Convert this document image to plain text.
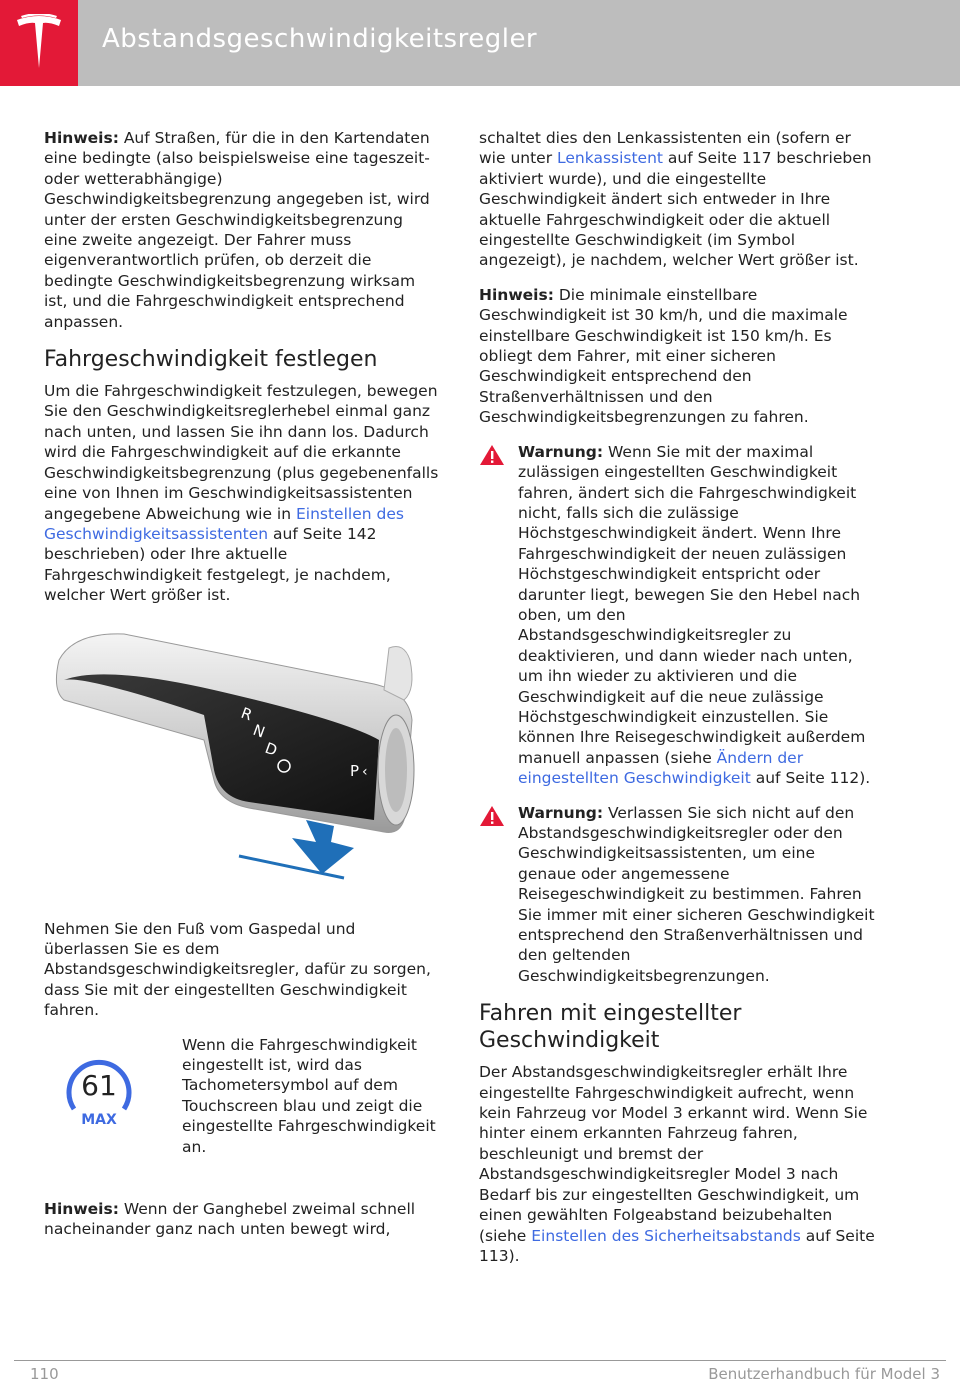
Abstandsgeschwindigkeitsregler

Hinweis: Auf Straßen, für die in den Kartendaten eine bedingte (also beispielsweise eine tageszeit- oder wetterabhängige) Geschwindigkeitsbegrenzung angegeben ist, wird unter der ersten Geschwindigkeitsbegrenzung eine zweite angezeigt. Der Fahrer muss eigenverantwortlich prüfen, ob derzeit die bedingte Geschwindigkeitsbegrenzung wirksam ist, und die Fahrgeschwindigkeit entsprechend anpassen.

Fahrgeschwindigkeit festlegen

Um die Fahrgeschwindigkeit festzulegen, bewegen Sie den Geschwindigkeitsreglerhebel einmal ganz nach unten, und lassen Sie ihn dann los. Dadurch wird die Fahrgeschwindigkeit auf die erkannte Geschwindigkeitsbegrenzung (plus gegebenenfalls eine von Ihnen im Geschwindigkeitsassistenten angegebene Abweichung wie in Einstellen des Geschwindigkeitsassistenten auf Seite 142 beschrieben) oder Ihre aktuelle Fahrgeschwindigkeit festgelegt, je nachdem, welcher Wert größer ist.

R
N
D
P ‹

Nehmen Sie den Fuß vom Gaspedal und überlassen Sie es dem Abstandsgeschwindigkeitsregler, dafür zu sorgen, dass Sie mit der eingestellten Geschwindigkeit fahren.

61
MAX
Wenn die Fahrgeschwindigkeit eingestellt ist, wird das Tachometersymbol auf dem Touchscreen blau und zeigt die eingestellte Fahrgeschwindigkeit an.

Hinweis: Wenn der Ganghebel zweimal schnell nacheinander ganz nach unten bewegt wird,

schaltet dies den Lenkassistenten ein (sofern er wie unter Lenkassistent auf Seite 117 beschrieben aktiviert wurde), und die eingestellte Geschwindigkeit ändert sich entweder in Ihre aktuelle Fahrgeschwindigkeit oder die aktuell eingestellte Geschwindigkeit (im Symbol angezeigt), je nachdem, welcher Wert größer ist.

Hinweis: Die minimale einstellbare Geschwindigkeit ist 30 km/h, und die maximale einstellbare Geschwindigkeit ist 150 km/h. Es obliegt dem Fahrer, mit einer sicheren Geschwindigkeit entsprechend den Straßenverhältnissen und den Geschwindigkeitsbegrenzungen zu fahren.

Warnung: Wenn Sie mit der maximal zulässigen eingestellten Geschwindigkeit fahren, ändert sich die Fahrgeschwindigkeit nicht, falls sich die zulässige Höchstgeschwindigkeit ändert. Wenn Ihre Fahrgeschwindigkeit der neuen zulässigen Höchstgeschwindigkeit entspricht oder darunter liegt, bewegen Sie den Hebel nach oben, um den Abstandsgeschwindigkeitsregler zu deaktivieren, und dann wieder nach unten, um ihn wieder zu aktivieren und die Geschwindigkeit auf die neue zulässige Höchstgeschwindigkeit einzustellen. Sie können Ihre Reisegeschwindigkeit außerdem manuell anpassen (siehe Ändern der eingestellten Geschwindigkeit auf Seite 112).
Warnung: Verlassen Sie sich nicht auf den Abstandsgeschwindigkeitsregler oder den Geschwindigkeitsassistenten, um eine genaue oder angemessene Reisegeschwindigkeit zu bestimmen. Fahren Sie immer mit einer sicheren Geschwindigkeit entsprechend den Straßenverhältnissen und den geltenden Geschwindigkeitsbegrenzungen.
Fahren mit eingestellter Geschwindigkeit

Der Abstandsgeschwindigkeitsregler erhält Ihre eingestellte Fahrgeschwindigkeit aufrecht, wenn kein Fahrzeug vor Model 3 erkannt wird. Wenn Sie hinter einem erkannten Fahrzeug fahren, beschleunigt und bremst der Abstandsgeschwindigkeitsregler Model 3 nach Bedarf bis zur eingestellten Geschwindigkeit, um einen gewählten Folgeabstand beizubehalten (siehe Einstellen des Sicherheitsabstands auf Seite 113).

110	Benutzerhandbuch für Model 3
